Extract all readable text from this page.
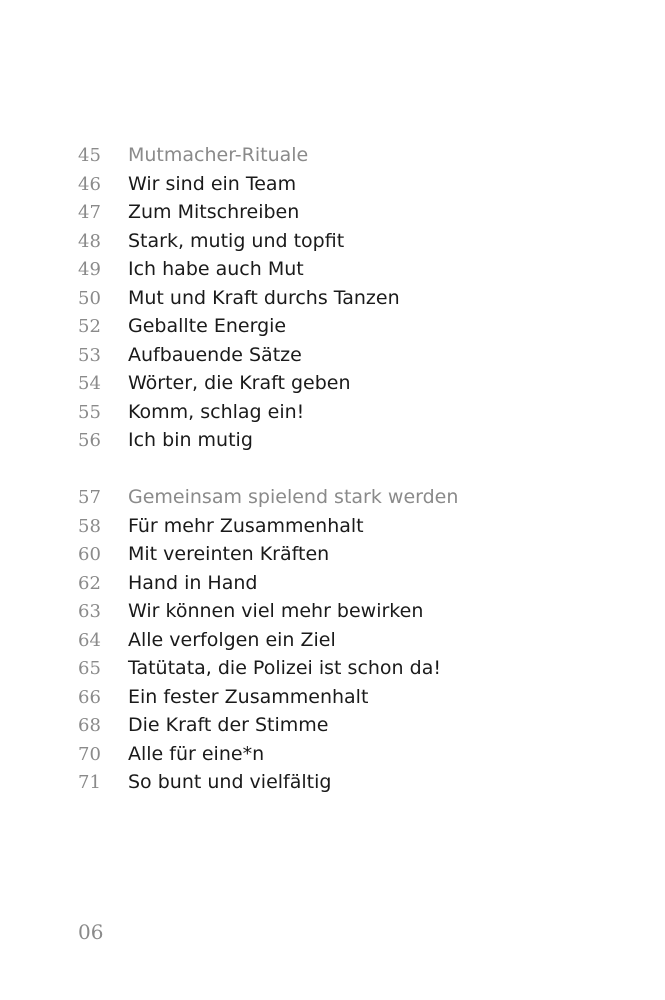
45	Mutmacher-Rituale
46	Wir sind ein Team
47	Zum Mitschreiben
48	Stark, mutig und topfit
49	Ich habe auch Mut
50	Mut und Kraft durchs Tanzen
52	Geballte Energie
53	Aufbauende Sätze
54	Wörter, die Kraft geben
55	Komm, schlag ein!
56	Ich bin mutig
57	Gemeinsam spielend stark werden
58	Für mehr Zusammenhalt
60	Mit vereinten Kräften
62	Hand in Hand
63	Wir können viel mehr bewirken
64	Alle verfolgen ein Ziel
65	Tatütata, die Polizei ist schon da!
66	Ein fester Zusammenhalt
68	Die Kraft der Stimme
70	Alle für eine*n
71	So bunt und vielfältig
06
